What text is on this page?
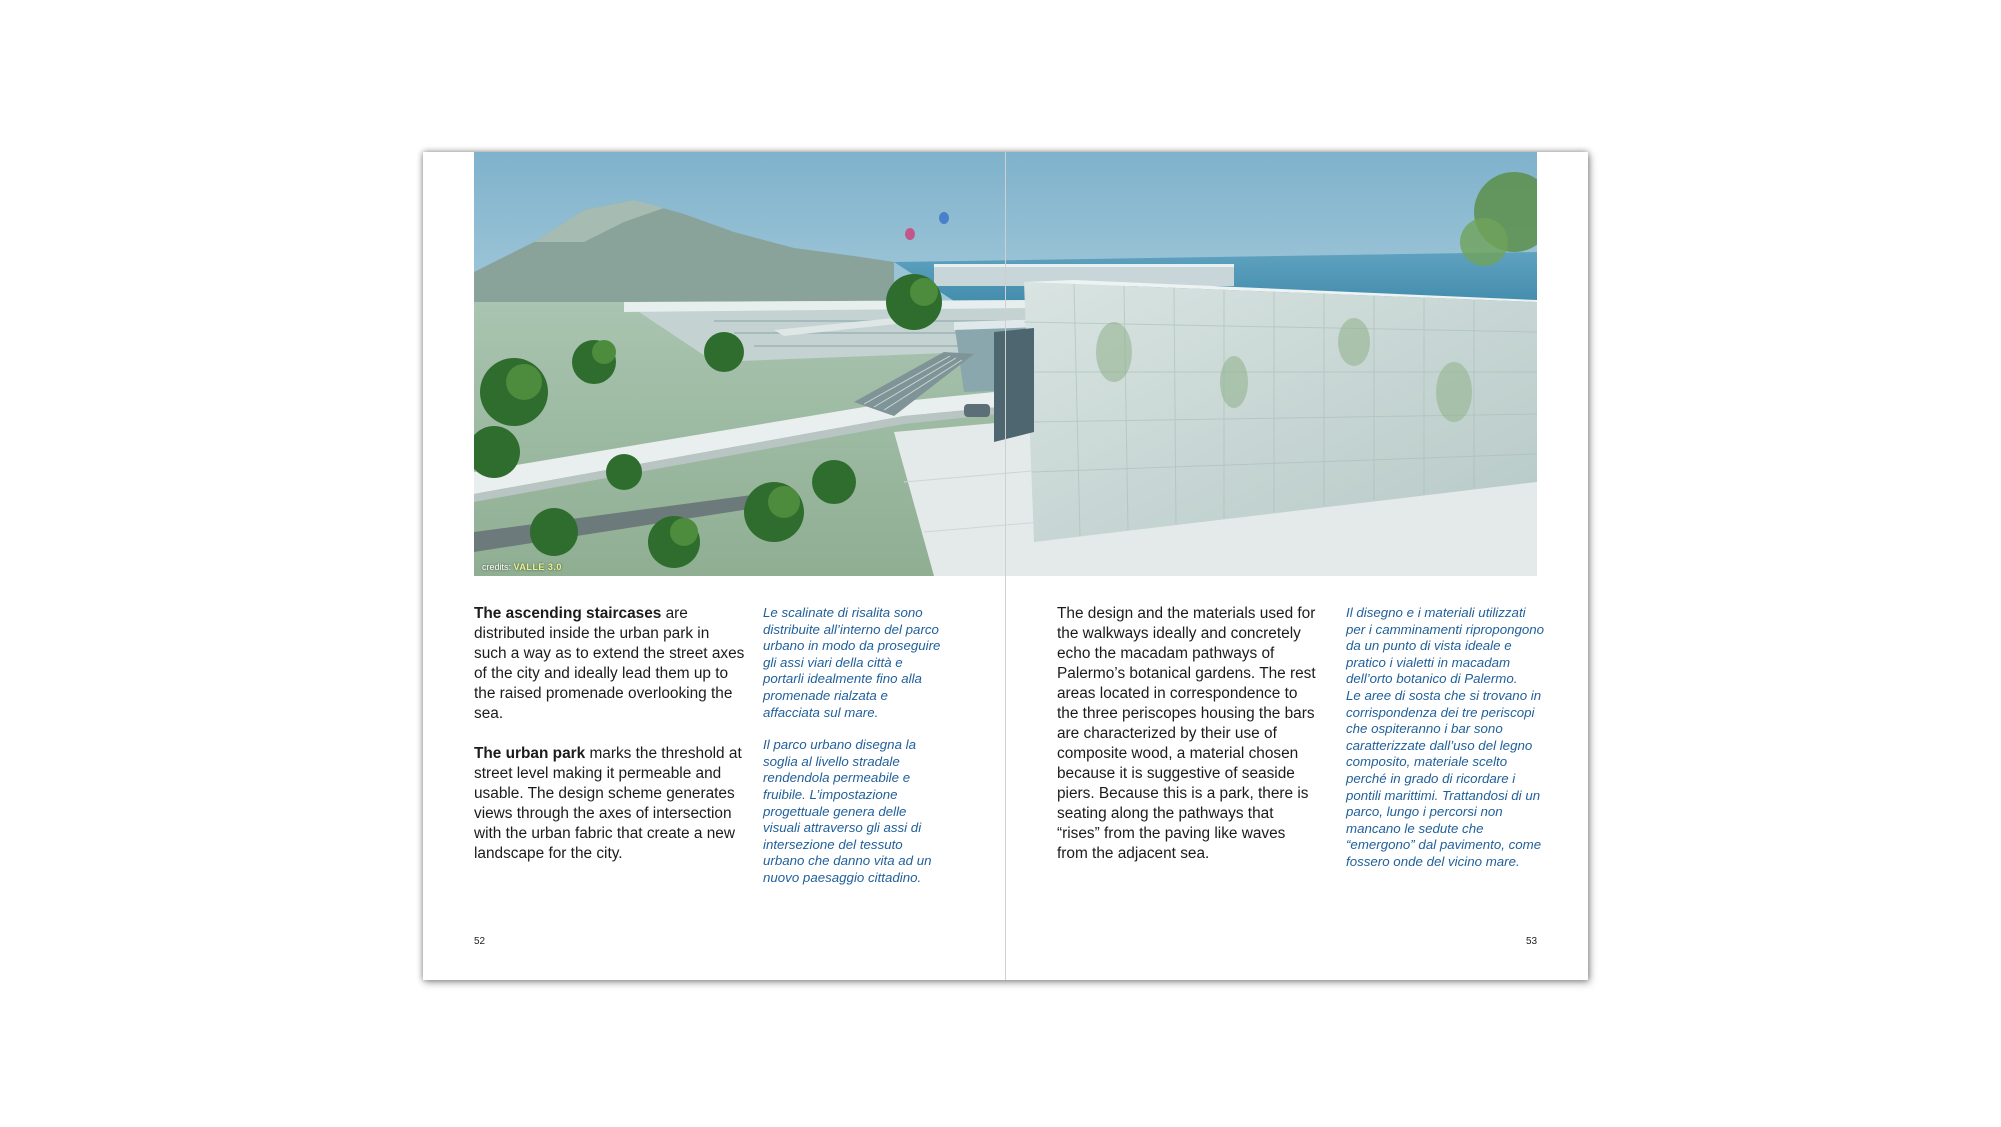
credits: VALLE 3.0

The ascending staircases are distributed inside the urban park in such a way as to extend the street axes of the city and ideally lead them up to the raised promenade overlooking the sea.

The urban park marks the threshold at street level making it permeable and usable. The design scheme generates views through the axes of intersection with the urban fabric that create a new landscape for the city.

Le scalinate di risalita sono distribuite all’interno del parco urbano in modo da proseguire gli assi viari della città e portarli idealmente fino alla promenade rialzata e affacciata sul mare.

Il parco urbano disegna la soglia al livello stradale rendendola permeabile e fruibile. L’impostazione progettuale genera delle visuali attraverso gli assi di intersezione del tessuto urbano che danno vita ad un nuovo paesaggio cittadino.

52

The design and the materials used for the walkways ideally and concretely echo the macadam pathways of Palermo’s botanical gardens. The rest areas located in correspondence to the three periscopes housing the bars are characterized by their use of composite wood, a material chosen because it is suggestive of seaside piers. Because this is a park, there is seating along the pathways that “rises” from the paving like waves from the adjacent sea.

Il disegno e i materiali utilizzati per i camminamenti ripropongono da un punto di vista ideale e pratico i vialetti in macadam dell’orto botanico di Palermo.

Le aree di sosta che si trovano in corrispondenza dei tre periscopi che ospiteranno i bar sono caratterizzate dall’uso del legno composito, materiale scelto perché in grado di ricordare i pontili marittimi. Trattandosi di un parco, lungo i percorsi non mancano le sedute che “emergono” dal pavimento, come fossero onde del vicino mare.

53
